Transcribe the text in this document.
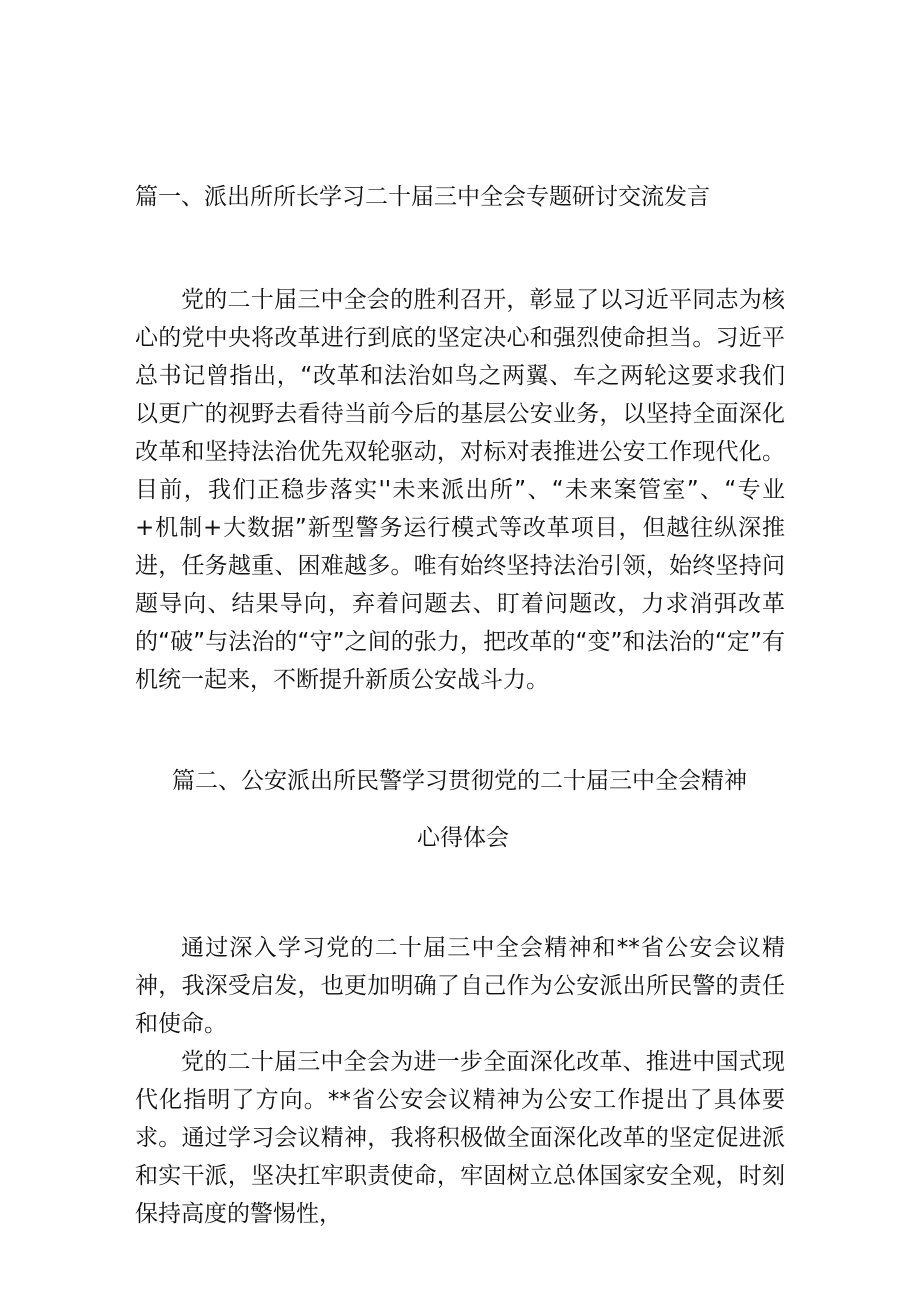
篇一、派出所所长学习二十届三中全会专题研讨交流发言

党的二十届三中全会的胜利召开，彰显了以习近平同志为核心的党中央将改革进行到底的坚定决心和强烈使命担当。习近平总书记曾指出，“改革和法治如鸟之两翼、车之两轮这要求我们以更广的视野去看待当前今后的基层公安业务，以坚持全面深化改革和坚持法治优先双轮驱动，对标对表推进公安工作现代化。目前，我们正稳步落实''未来派出所”、“未来案管室”、“专业+机制+大数据”新型警务运行模式等改革项目，但越往纵深推进，任务越重、困难越多。唯有始终坚持法治引领，始终坚持问题导向、结果导向，弃着问题去、盯着问题改，力求消弭改革的“破”与法治的“守”之间的张力，把改革的“变”和法治的“定”有机统一起来，不断提升新质公安战斗力。

篇二、公安派出所民警学习贯彻党的二十届三中全会精神
心得体会

通过深入学习党的二十届三中全会精神和**省公安会议精神，我深受启发，也更加明确了自己作为公安派出所民警的责任和使命。

党的二十届三中全会为进一步全面深化改革、推进中国式现代化指明了方向。**省公安会议精神为公安工作提出了具体要求。通过学习会议精神，我将积极做全面深化改革的坚定促进派和实干派，坚决扛牢职责使命，牢固树立总体国家安全观，时刻保持高度的警惕性，
